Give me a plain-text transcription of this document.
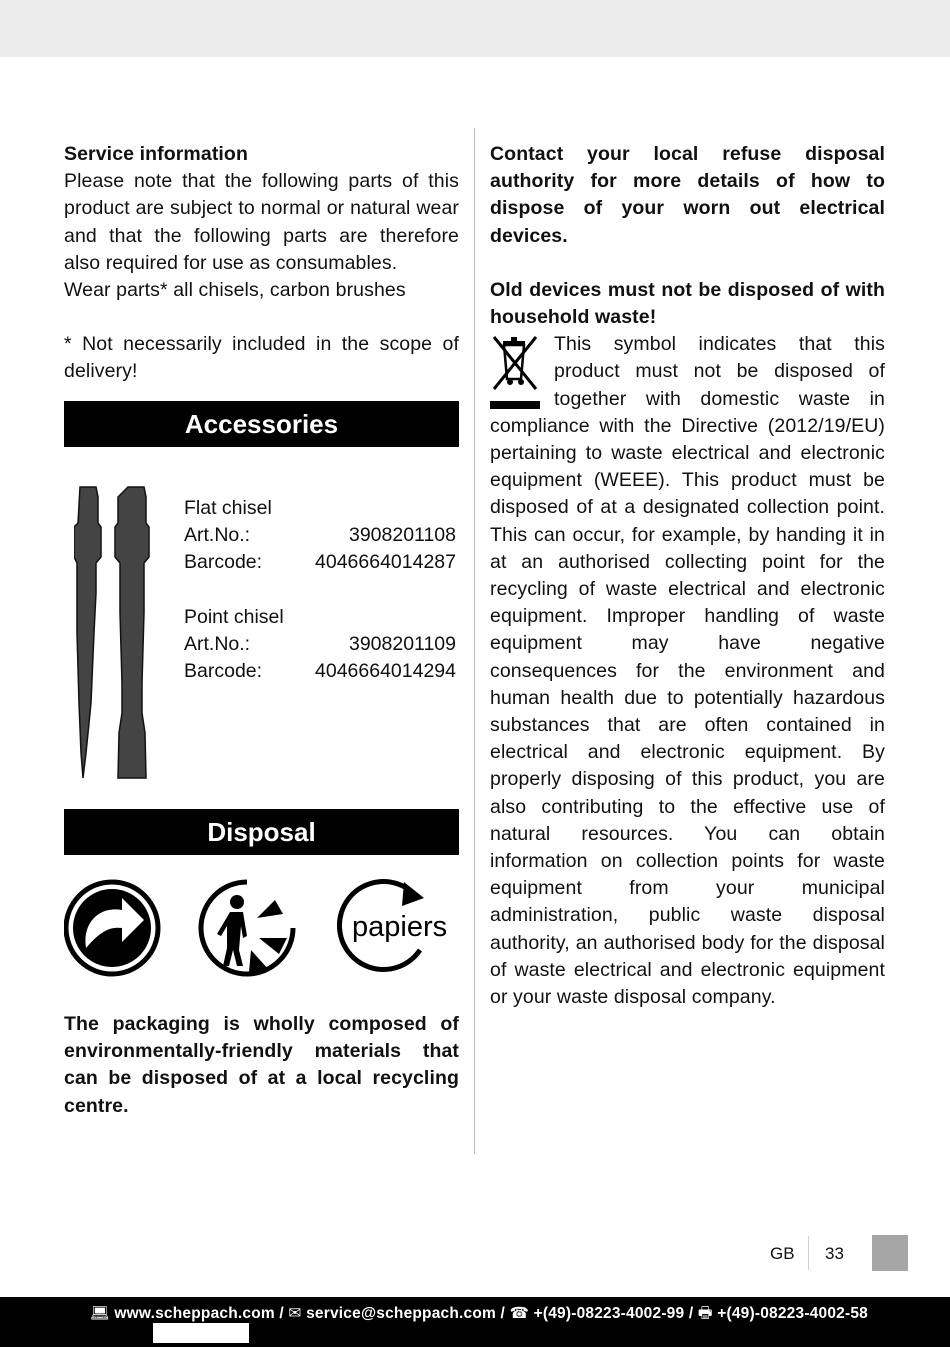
Service information

Please note that the following parts of this product are subject to normal or natural wear and that the following parts are therefore also required for use as consumables.

Wear parts* all chisels, carbon brushes

* Not necessarily included in the scope of delivery!

Accessories
Flat chisel
Art.No.:	3908201108
Barcode:	4046664014287
Point chisel
Art.No.:	3908201109
Barcode:	4046664014294
Disposal
papiers

The packaging is wholly composed of environmentally-friendly materials that can be disposed of at a local recycling centre.

Contact your local refuse disposal authority for more details of how to dispose of your worn out electrical devices.

Old devices must not be disposed of with household waste!

This symbol indicates that this product must not be disposed of together with domestic waste in compliance with the Directive (2012/19/EU) pertaining to waste electrical and electronic equipment (WEEE). This product must be disposed of at a designated collection point. This can occur, for example, by handing it in at an authorised collecting point for the recycling of waste electrical and electronic equipment. Improper handling of waste equipment may have negative consequences for the environment and human health due to potentially hazardous substances that are often contained in electrical and electronic equipment. By properly disposing of this product, you are also contributing to the effective use of natural resources. You can obtain information on collection points for waste equipment from your municipal administration, public waste disposal authority, an authorised body for the disposal of waste electrical and electronic equipment or your waste disposal company.

GB 33
💻︎ www.scheppach.com / ✉︎ service@scheppach.com / ☎ +(49)-08223-4002-99 / 🖶︎ +(49)-08223-4002-58
